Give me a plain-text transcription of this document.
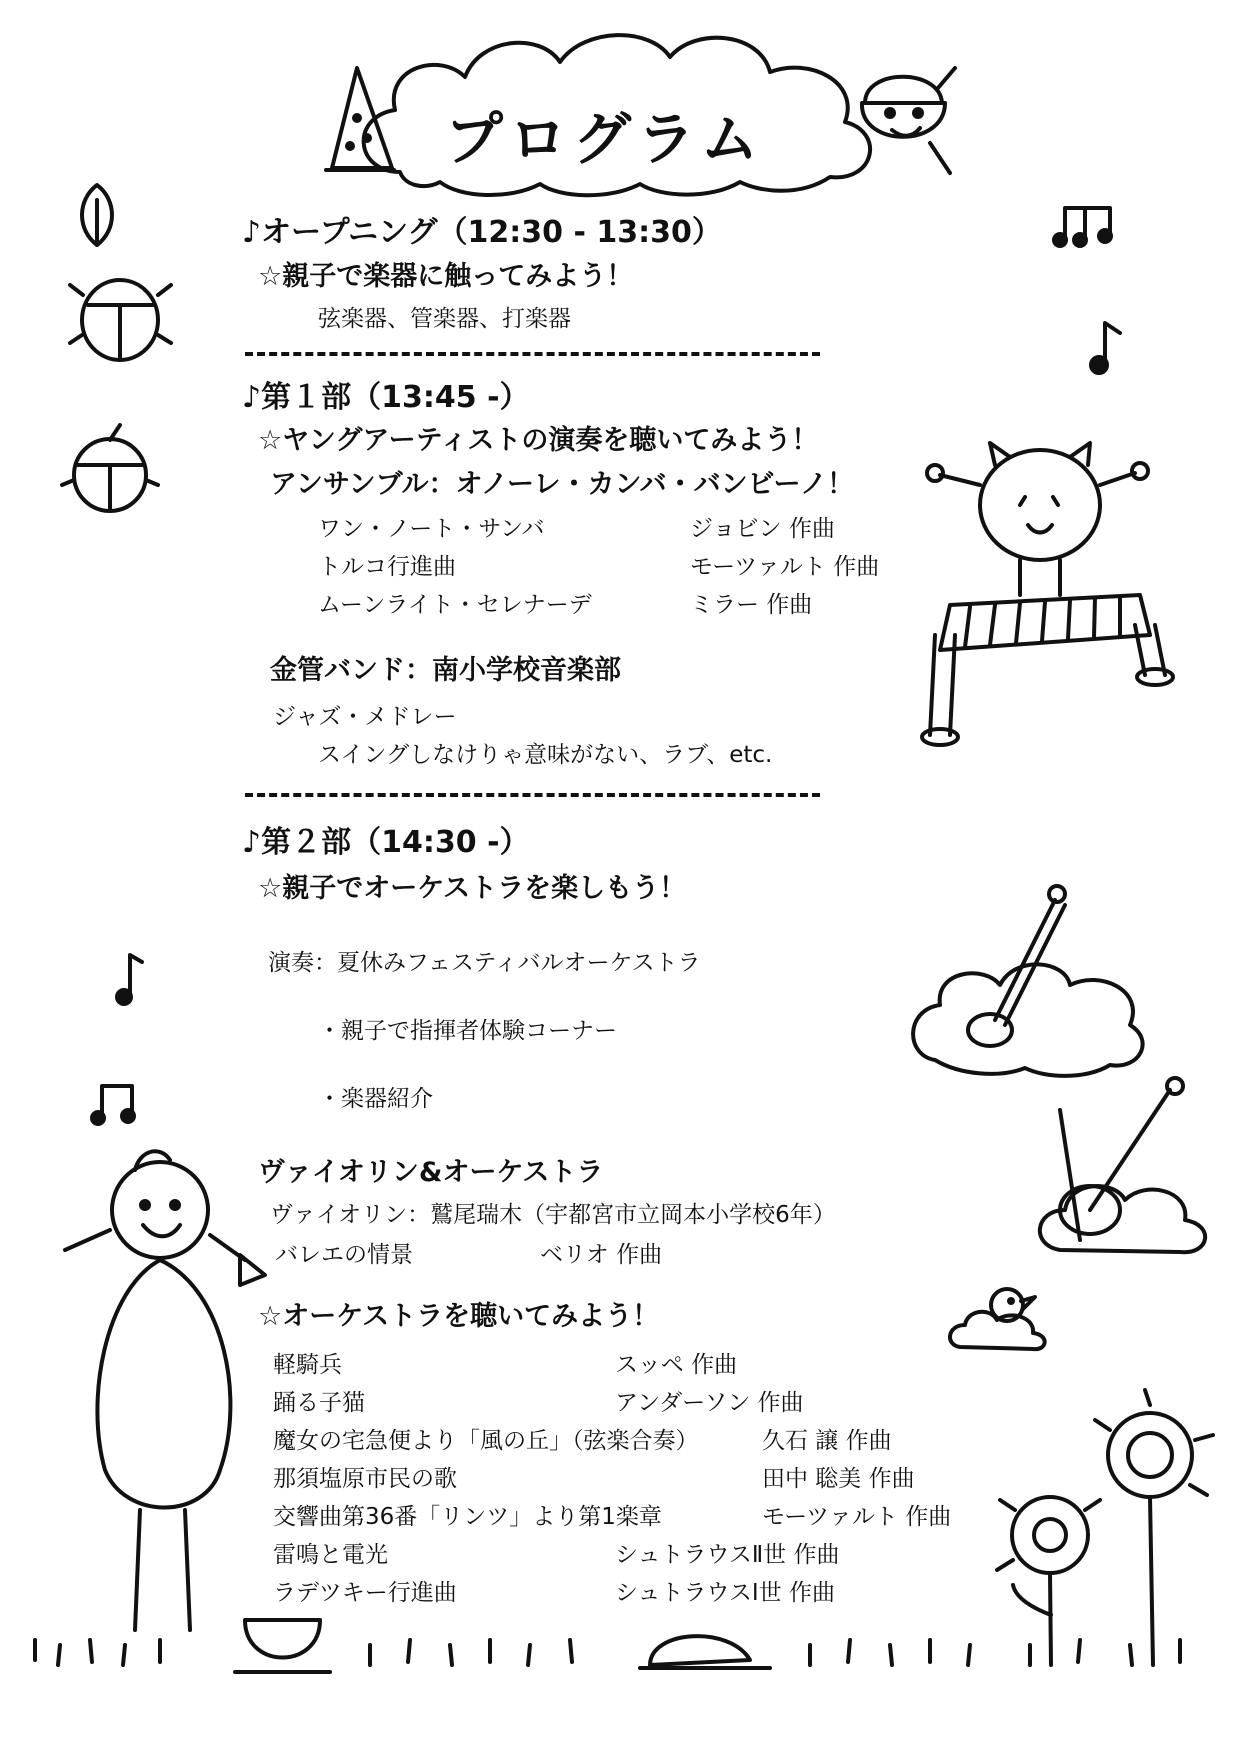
プログラム
♪オープニング（12:30 - 13:30）
☆親子で楽器に触ってみよう！
弦楽器、管楽器、打楽器
♪第１部（13:45 -）
☆ヤングアーティストの演奏を聴いてみよう！
アンサンブル：オノーレ・カンバ・バンビーノ！
ワン・ノート・サンバ	ジョビン 作曲
トルコ行進曲	モーツァルト 作曲
ムーンライト・セレナーデ	ミラー 作曲
金管バンド：南小学校音楽部
ジャズ・メドレー
スイングしなけりゃ意味がない、ラブ、etc.
♪第２部（14:30 -）
☆親子でオーケストラを楽しもう！
演奏：夏休みフェスティバルオーケストラ
・親子で指揮者体験コーナー
・楽器紹介
ヴァイオリン&オーケストラ
ヴァイオリン：鷲尾瑞木（宇都宮市立岡本小学校6年）
バレエの情景	ベリオ 作曲
☆オーケストラを聴いてみよう！
軽騎兵	スッペ 作曲
踊る子猫	アンダーソン 作曲
魔女の宅急便より「風の丘」（弦楽合奏）	久石 譲 作曲
那須塩原市民の歌	田中 聡美 作曲
交響曲第36番「リンツ」より第1楽章	モーツァルト 作曲
雷鳴と電光	シュトラウスⅡ世 作曲
ラデツキー行進曲	シュトラウスⅠ世 作曲
